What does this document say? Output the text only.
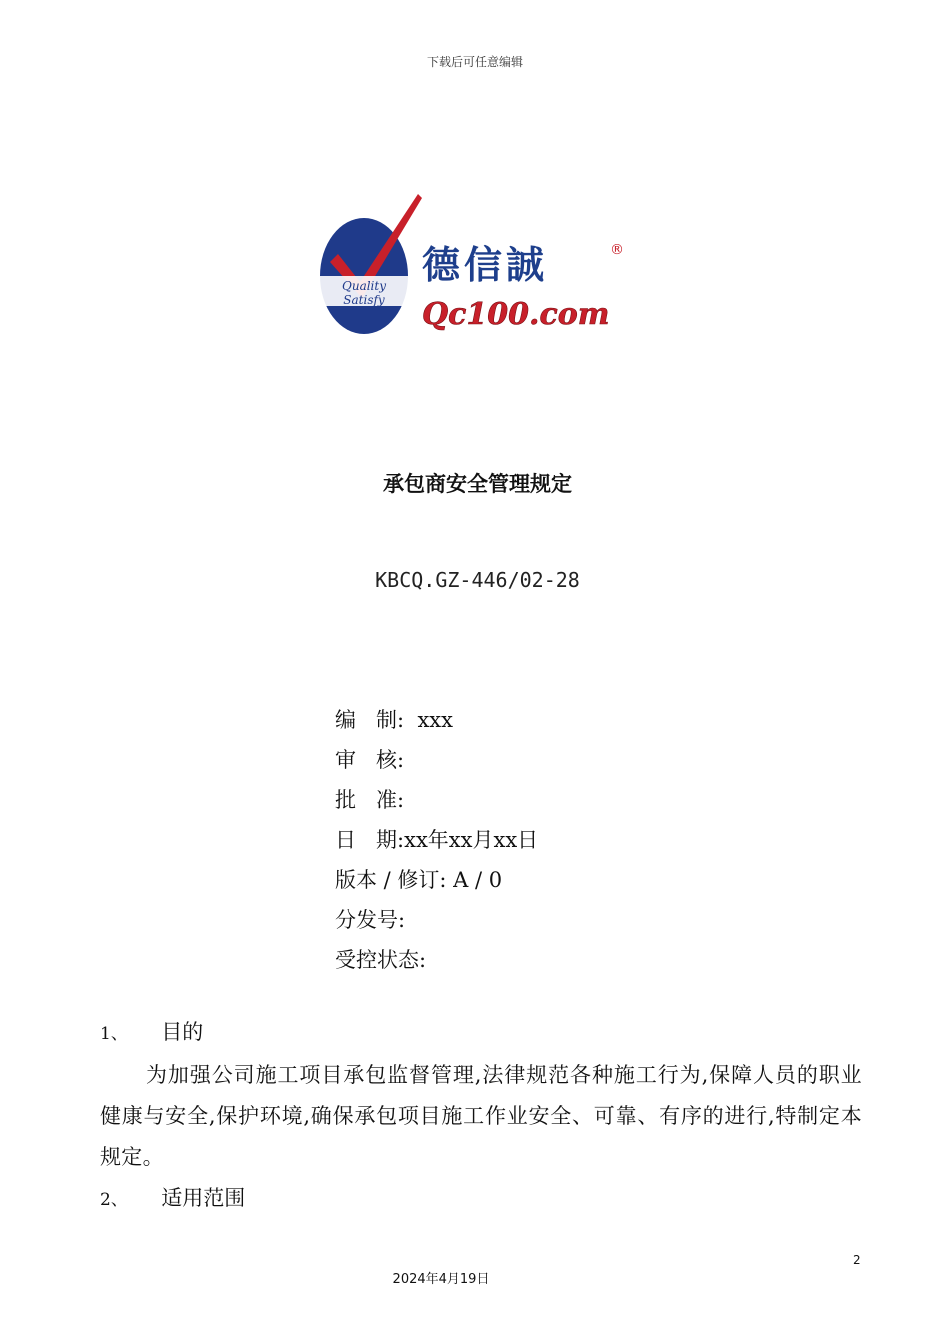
下载后可任意编辑
Quality
Satisfy
德信誠	®
Qc100.com
承包商安全管理规定
KBCQ.GZ-446/02-28
编   制:  xxx
审   核:
批   准:
日   期:xx年xx月xx日
版本 / 修订: A / 0
分发号:
受控状态:
1、 目的
为加强公司施工项目承包监督管理,法律规范各种施工行为,保障人员的职业健康与安全,保护环境,确保承包项目施工作业安全、可靠、有序的进行,特制定本规定。
2、 适用范围
2
2024年4月19日
